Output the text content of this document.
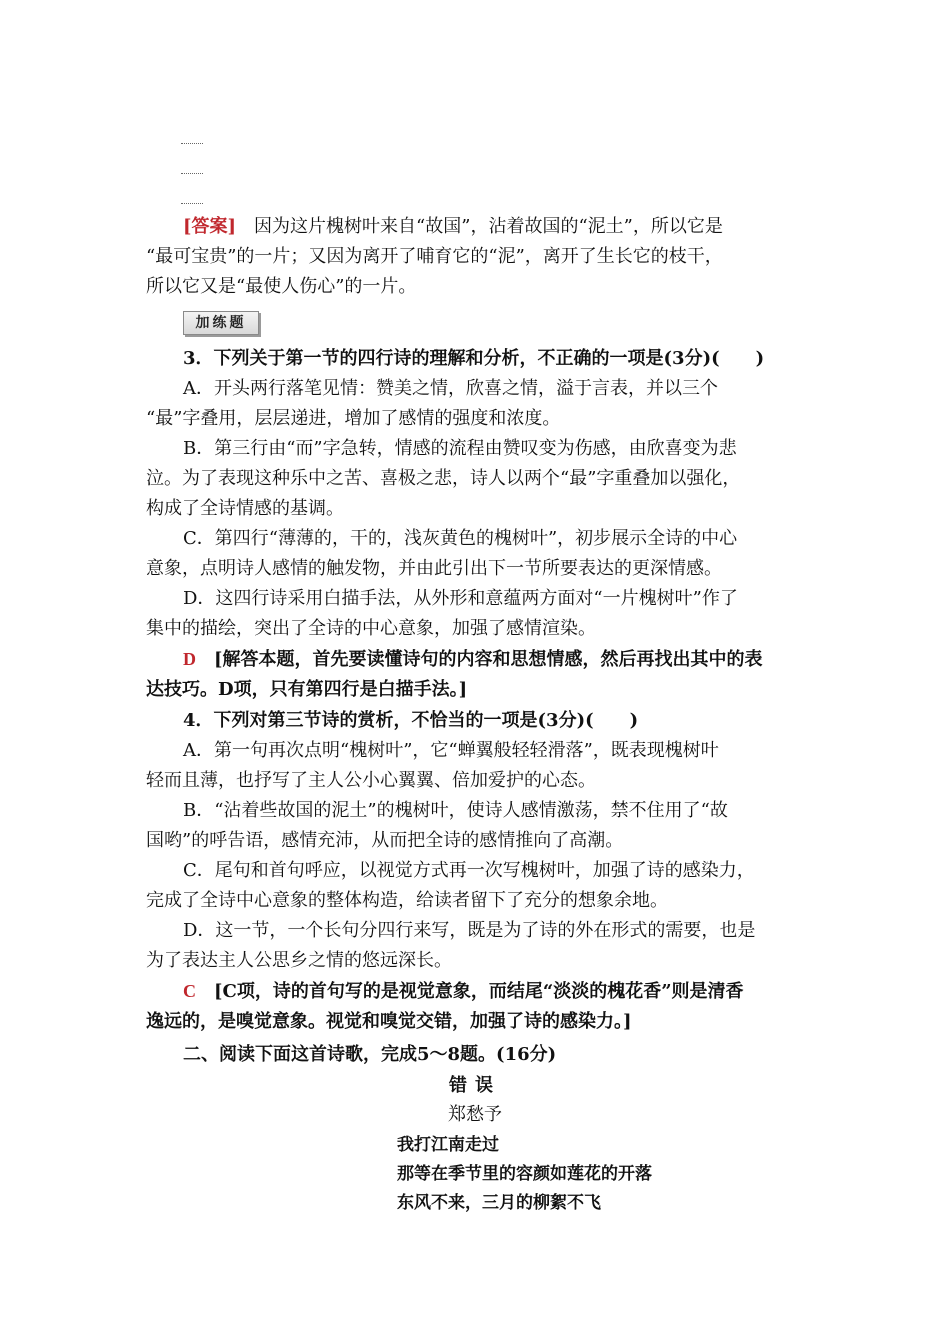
[答案]　 因为这片槐树叶来自“故国”，沾着故国的“泥土”，所以它是
“最可宝贵”的一片；又因为离开了哺育它的“泥”，离开了生长它的枝干，
所以它又是“最使人伤心”的一片。
加练题
3．下列关于第一节的四行诗的理解和分析，不正确的一项是(3分)(　　)
A．开头两行落笔见情：赞美之情，欣喜之情，溢于言表，并以三个
“最”字叠用，层层递进，增加了感情的强度和浓度。
B．第三行由“而”字急转，情感的流程由赞叹变为伤感，由欣喜变为悲
泣。为了表现这种乐中之苦、喜极之悲，诗人以两个“最”字重叠加以强化，
构成了全诗情感的基调。
C．第四行“薄薄的，干的，浅灰黄色的槐树叶”，初步展示全诗的中心
意象，点明诗人感情的触发物，并由此引出下一节所要表达的更深情感。
D．这四行诗采用白描手法，从外形和意蕴两方面对“一片槐树叶”作了
集中的描绘，突出了全诗的中心意象，加强了感情渲染。
D　 [解答本题，首先要读懂诗句的内容和思想情感，然后再找出其中的表
达技巧。D项，只有第四行是白描手法。]
4．下列对第三节诗的赏析，不恰当的一项是(3分)(　　)
A．第一句再次点明“槐树叶”，它“蝉翼般轻轻滑落”，既表现槐树叶
轻而且薄，也抒写了主人公小心翼翼、倍加爱护的心态。
B．“沾着些故国的泥土”的槐树叶，使诗人感情激荡，禁不住用了“故
国哟”的呼告语，感情充沛，从而把全诗的感情推向了高潮。
C．尾句和首句呼应，以视觉方式再一次写槐树叶，加强了诗的感染力，
完成了全诗中心意象的整体构造，给读者留下了充分的想象余地。
D．这一节，一个长句分四行来写，既是为了诗的外在形式的需要，也是
为了表达主人公思乡之情的悠远深长。
C　 [C项，诗的首句写的是视觉意象，而结尾“淡淡的槐花香”则是清香
逸远的，是嗅觉意象。视觉和嗅觉交错，加强了诗的感染力。]
二、阅读下面这首诗歌，完成5～8题。(16分)
错误
郑愁予
我打江南走过
那等在季节里的容颜如莲花的开落
东风不来，三月的柳絮不飞
